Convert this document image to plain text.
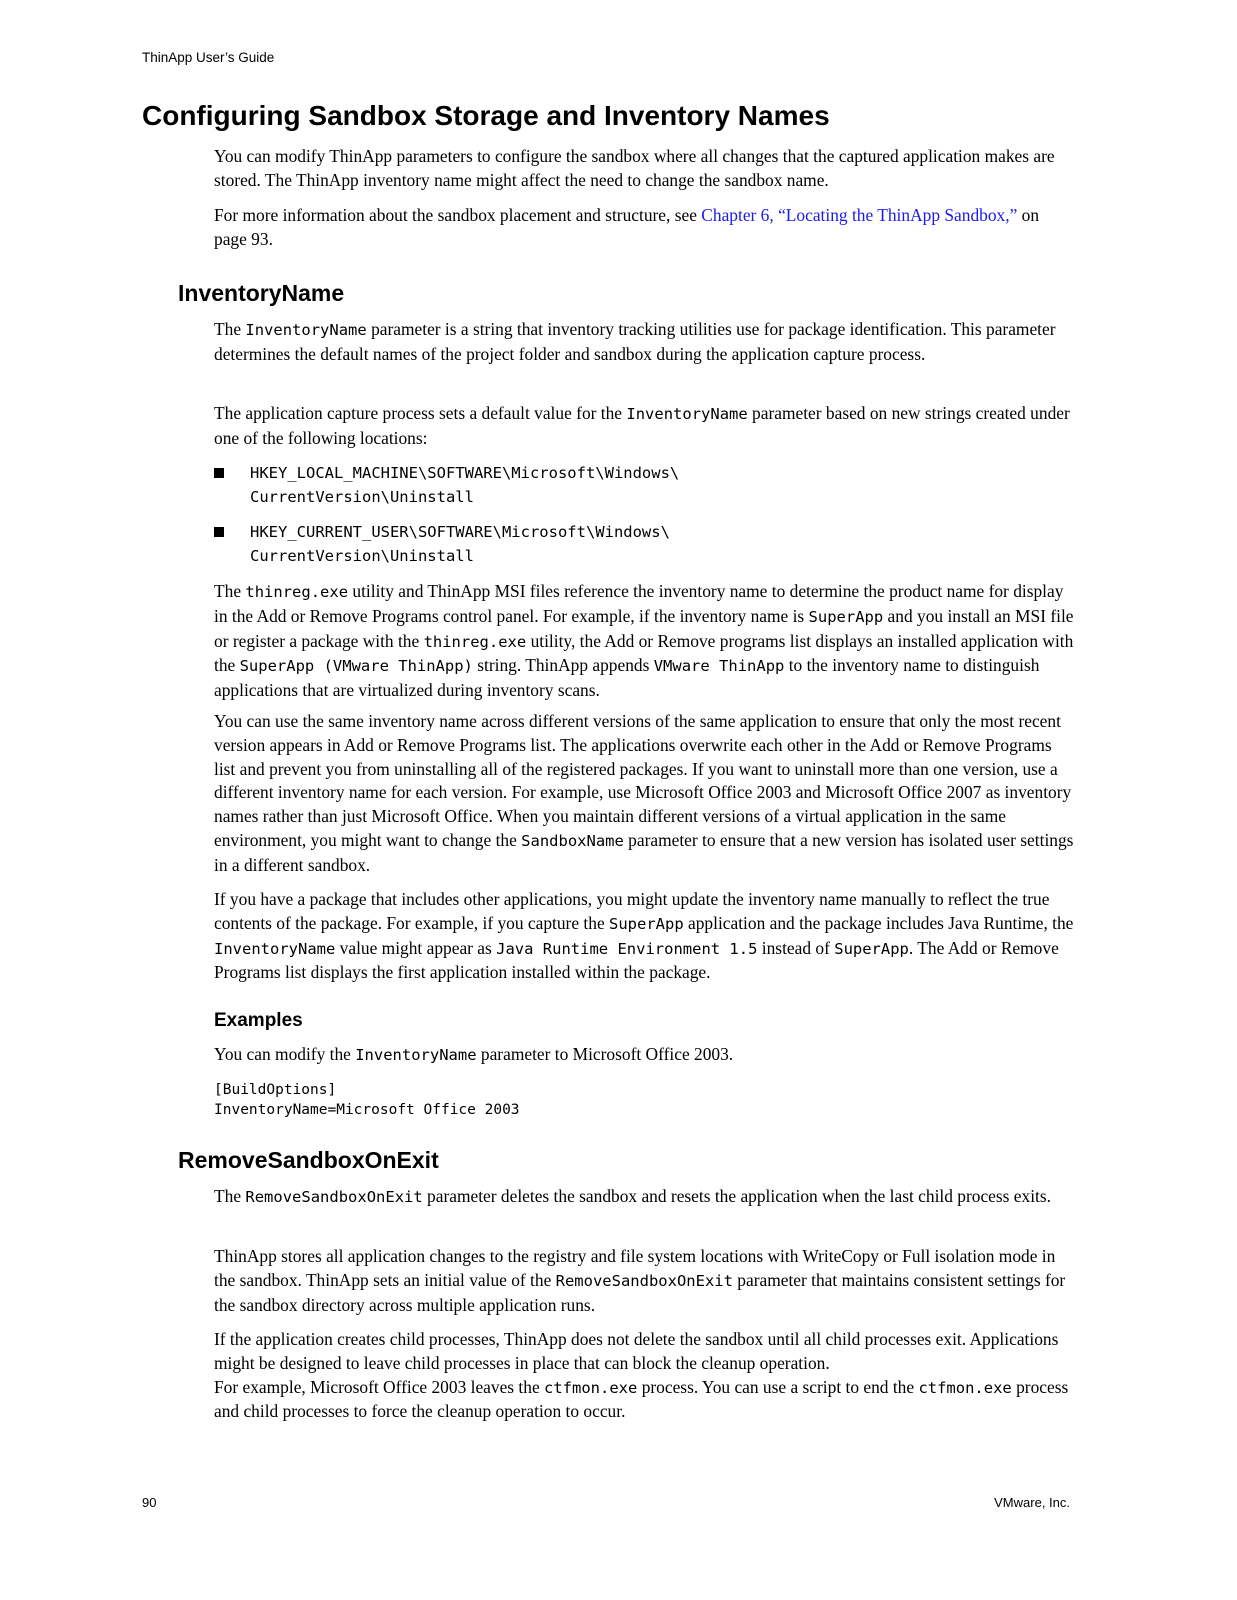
ThinApp User’s Guide
Configuring Sandbox Storage and Inventory Names

You can modify ThinApp parameters to configure the sandbox where all changes that the captured application makes are stored. The ThinApp inventory name might affect the need to change the sandbox name.

For more information about the sandbox placement and structure, see Chapter 6, “Locating the ThinApp Sandbox,” on page 93.

InventoryName

The InventoryName parameter is a string that inventory tracking utilities use for package identification. This parameter determines the default names of the project folder and sandbox during the application capture process.

The application capture process sets a default value for the InventoryName parameter based on new strings created under one of the following locations:

HKEY_LOCAL_MACHINE\SOFTWARE\Microsoft\Windows\
CurrentVersion\Uninstall
HKEY_CURRENT_USER\SOFTWARE\Microsoft\Windows\
CurrentVersion\Uninstall

The thinreg.exe utility and ThinApp MSI files reference the inventory name to determine the product name for display in the Add or Remove Programs control panel. For example, if the inventory name is SuperApp and you install an MSI file or register a package with the thinreg.exe utility, the Add or Remove programs list displays an installed application with the SuperApp (VMware ThinApp) string. ThinApp appends VMware ThinApp to the inventory name to distinguish applications that are virtualized during inventory scans.

You can use the same inventory name across different versions of the same application to ensure that only the most recent version appears in Add or Remove Programs list. The applications overwrite each other in the Add or Remove Programs list and prevent you from uninstalling all of the registered packages. If you want to uninstall more than one version, use a different inventory name for each version. For example, use Microsoft Office 2003 and Microsoft Office 2007 as inventory names rather than just Microsoft Office. When you maintain different versions of a virtual application in the same environment, you might want to change the SandboxName parameter to ensure that a new version has isolated user settings in a different sandbox.

If you have a package that includes other applications, you might update the inventory name manually to reflect the true contents of the package. For example, if you capture the SuperApp application and the package includes Java Runtime, the InventoryName value might appear as Java Runtime Environment 1.5 instead of SuperApp. The Add or Remove Programs list displays the first application installed within the package.

Examples

You can modify the InventoryName parameter to Microsoft Office 2003.

[BuildOptions]
InventoryName=Microsoft Office 2003
RemoveSandboxOnExit

The RemoveSandboxOnExit parameter deletes the sandbox and resets the application when the last child process exits.

ThinApp stores all application changes to the registry and file system locations with WriteCopy or Full isolation mode in the sandbox. ThinApp sets an initial value of the RemoveSandboxOnExit parameter that maintains consistent settings for the sandbox directory across multiple application runs.

If the application creates child processes, ThinApp does not delete the sandbox until all child processes exit. Applications might be designed to leave child processes in place that can block the cleanup operation.

For example, Microsoft Office 2003 leaves the ctfmon.exe process. You can use a script to end the ctfmon.exe process and child processes to force the cleanup operation to occur.

90	VMware, Inc.
